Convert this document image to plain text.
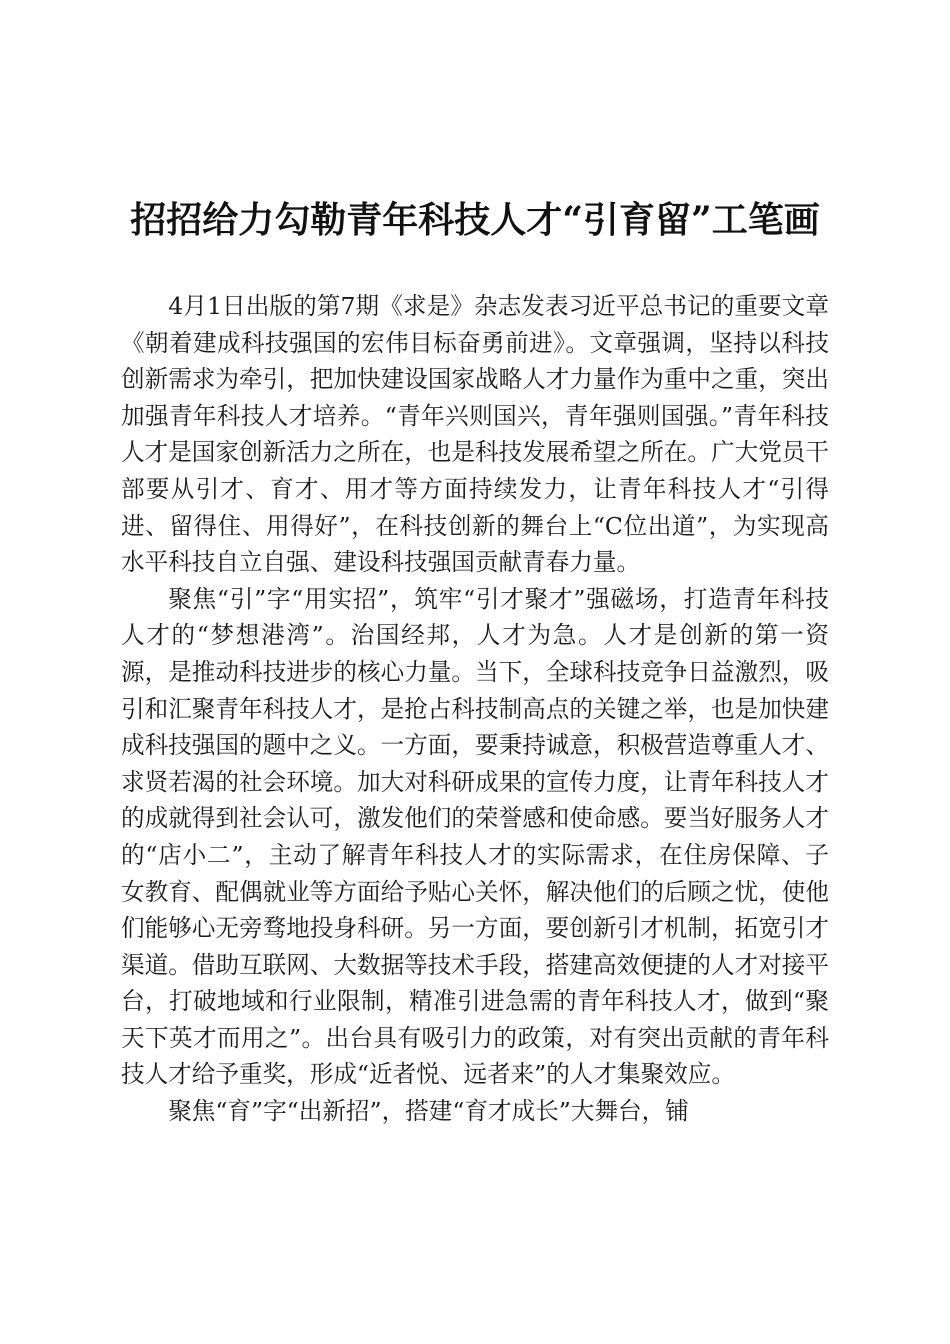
招招给力勾勒青年科技人才“引育留”工笔画

4月1日出版的第7期《求是》杂志发表习近平总书记的重要文章《朝着建成科技强国的宏伟目标奋勇前进》。文章强调，坚持以科技创新需求为牵引，把加快建设国家战略人才力量作为重中之重，突出加强青年科技人才培养。“青年兴则国兴，青年强则国强。”青年科技人才是国家创新活力之所在，也是科技发展希望之所在。广大党员干部要从引才、育才、用才等方面持续发力，让青年科技人才“引得进、留得住、用得好”，在科技创新的舞台上“C位出道”，为实现高水平科技自立自强、建设科技强国贡献青春力量。

聚焦“引”字“用实招”，筑牢“引才聚才”强磁场，打造青年科技人才的“梦想港湾”。治国经邦，人才为急。人才是创新的第一资源，是推动科技进步的核心力量。当下，全球科技竞争日益激烈，吸引和汇聚青年科技人才，是抢占科技制高点的关键之举，也是加快建成科技强国的题中之义。一方面，要秉持诚意，积极营造尊重人才、求贤若渴的社会环境。加大对科研成果的宣传力度，让青年科技人才的成就得到社会认可，激发他们的荣誉感和使命感。要当好服务人才的“店小二”，主动了解青年科技人才的实际需求，在住房保障、子女教育、配偶就业等方面给予贴心关怀，解决他们的后顾之忧，使他们能够心无旁骛地投身科研。另一方面，要创新引才机制，拓宽引才渠道。借助互联网、大数据等技术手段，搭建高效便捷的人才对接平台，打破地域和行业限制，精准引进急需的青年科技人才，做到“聚天下英才而用之”。出台具有吸引力的政策，对有突出贡献的青年科技人才给予重奖，形成“近者悦、远者来”的人才集聚效应。

聚焦“育”字“出新招”，搭建“育才成长”大舞台，铺
